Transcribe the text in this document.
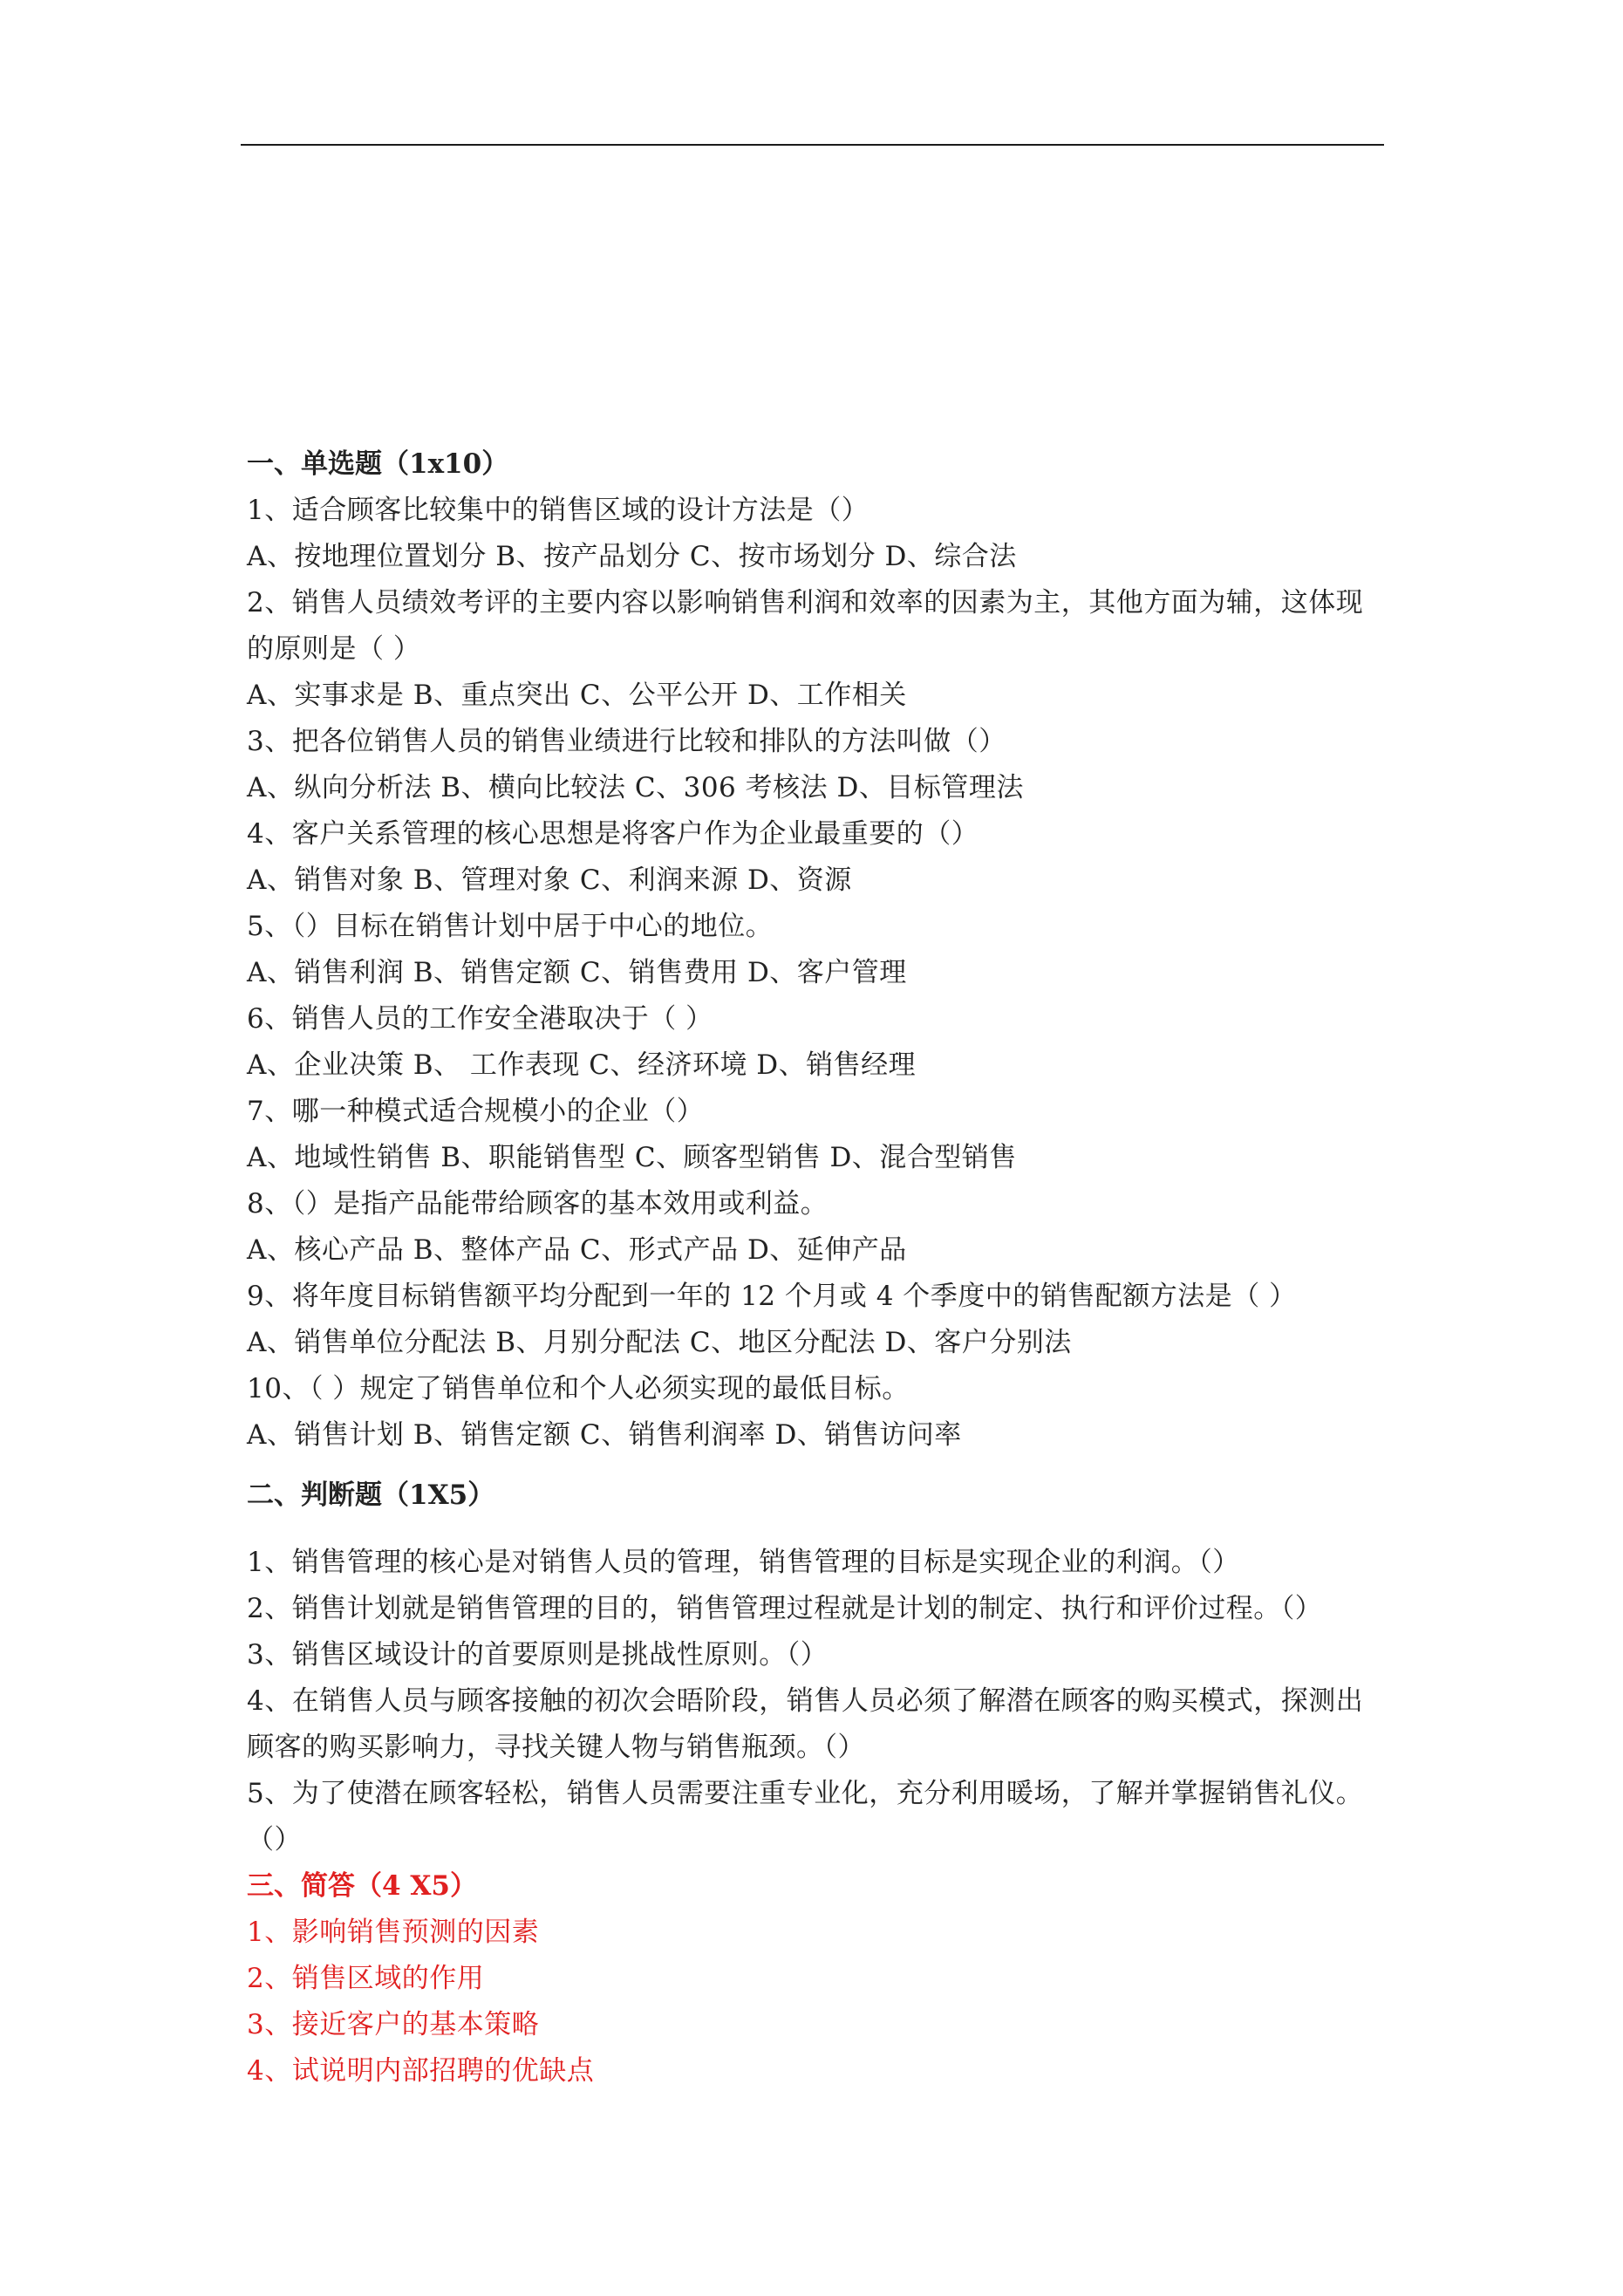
一、单选题（1x10）
1、适合顾客比较集中的销售区域的设计方法是（）
A、按地理位置划分 B、按产品划分 C、按市场划分 D、综合法
2、销售人员绩效考评的主要内容以影响销售利润和效率的因素为主，其他方面为辅，这体现的原则是（ ）
A、实事求是 B、重点突出 C、公平公开 D、工作相关
3、把各位销售人员的销售业绩进行比较和排队的方法叫做（）
A、纵向分析法 B、横向比较法 C、306 考核法 D、目标管理法
4、客户关系管理的核心思想是将客户作为企业最重要的（）
A、销售对象 B、管理对象 C、利润来源 D、资源
5、（）目标在销售计划中居于中心的地位。
A、销售利润 B、销售定额 C、销售费用 D、客户管理
6、销售人员的工作安全港取决于（ ）
A、企业决策 B、 工作表现 C、经济环境 D、销售经理
7、哪一种模式适合规模小的企业（）
A、地域性销售 B、职能销售型 C、顾客型销售 D、混合型销售
8、（）是指产品能带给顾客的基本效用或利益。
A、核心产品 B、整体产品 C、形式产品 D、延伸产品
9、将年度目标销售额平均分配到一年的 12 个月或 4 个季度中的销售配额方法是（ ）
A、销售单位分配法 B、月别分配法 C、地区分配法 D、客户分别法
10、（ ）规定了销售单位和个人必须实现的最低目标。
A、销售计划 B、销售定额 C、销售利润率 D、销售访问率
二、判断题（1X5）
1、销售管理的核心是对销售人员的管理，销售管理的目标是实现企业的利润。（）
2、销售计划就是销售管理的目的，销售管理过程就是计划的制定、执行和评价过程。（）
3、销售区域设计的首要原则是挑战性原则。（）
4、在销售人员与顾客接触的初次会晤阶段，销售人员必须了解潜在顾客的购买模式，探测出顾客的购买影响力，寻找关键人物与销售瓶颈。（）
5、为了使潜在顾客轻松，销售人员需要注重专业化，充分利用暖场，了解并掌握销售礼仪。（）
三、简答（4 X5）
1、影响销售预测的因素
2、销售区域的作用
3、接近客户的基本策略
4、试说明内部招聘的优缺点
